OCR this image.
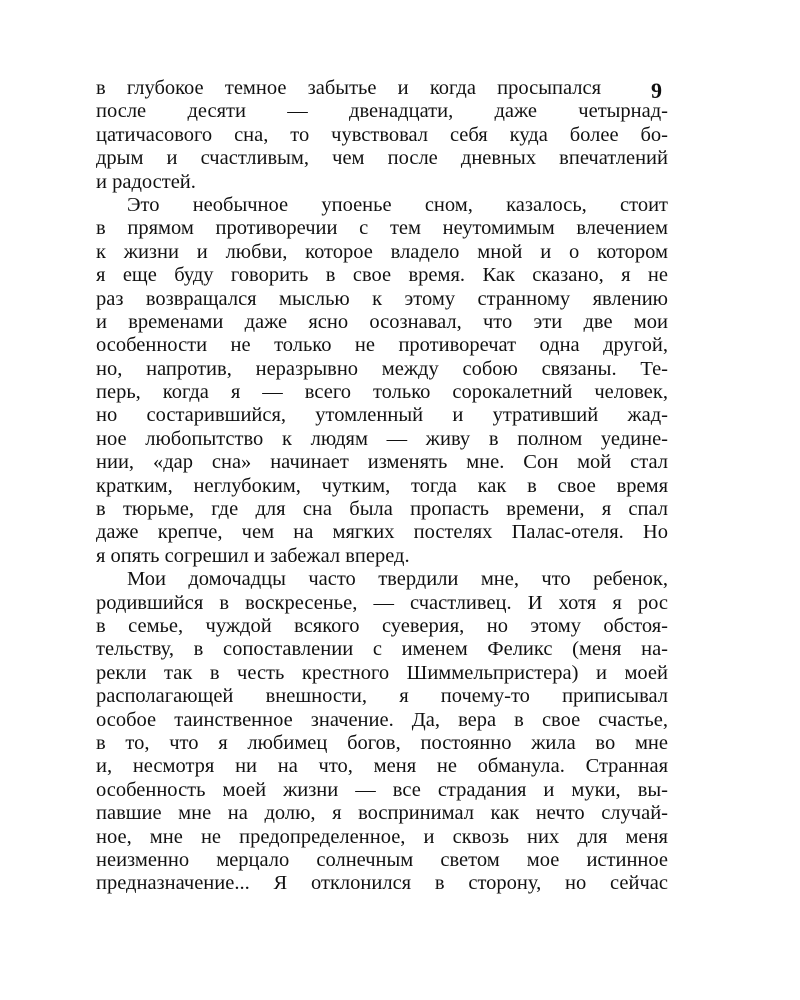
9
в глубокое темное забытье и когда просыпался
после десяти — двенадцати, даже четырнад-
цатичасового сна, то чувствовал себя куда более бо-
дрым и счастливым, чем после дневных впечатлений
и радостей.
Это необычное упоенье сном, казалось, стоит
в прямом противоречии с тем неутомимым влечением
к жизни и любви, которое владело мной и о котором
я еще буду говорить в свое время. Как сказано, я не
раз возвращался мыслью к этому странному явлению
и временами даже ясно осознавал, что эти две мои
особенности не только не противоречат одна другой,
но, напротив, неразрывно между собою связаны. Те-
перь, когда я — всего только сорокалетний человек,
но состарившийся, утомленный и утративший жад-
ное любопытство к людям — живу в полном уедине-
нии, «дар сна» начинает изменять мне. Сон мой стал
кратким, неглубоким, чутким, тогда как в свое время
в тюрьме, где для сна была пропасть времени, я спал
даже крепче, чем на мягких постелях Палас-отеля. Но
я опять согрешил и забежал вперед.
Мои домочадцы часто твердили мне, что ребенок,
родившийся в воскресенье, — счастливец. И хотя я рос
в семье, чуждой всякого суеверия, но этому обстоя-
тельству, в сопоставлении с именем Феликс (меня на-
рекли так в честь крестного Шиммельпристера) и моей
располагающей внешности, я почему-то приписывал
особое таинственное значение. Да, вера в свое счастье,
в то, что я любимец богов, постоянно жила во мне
и, несмотря ни на что, меня не обманула. Странная
особенность моей жизни — все страдания и муки, вы-
павшие мне на долю, я воспринимал как нечто случай-
ное, мне не предопределенное, и сквозь них для меня
неизменно мерцало солнечным светом мое истинное
предназначение... Я отклонился в сторону, но сейчас
